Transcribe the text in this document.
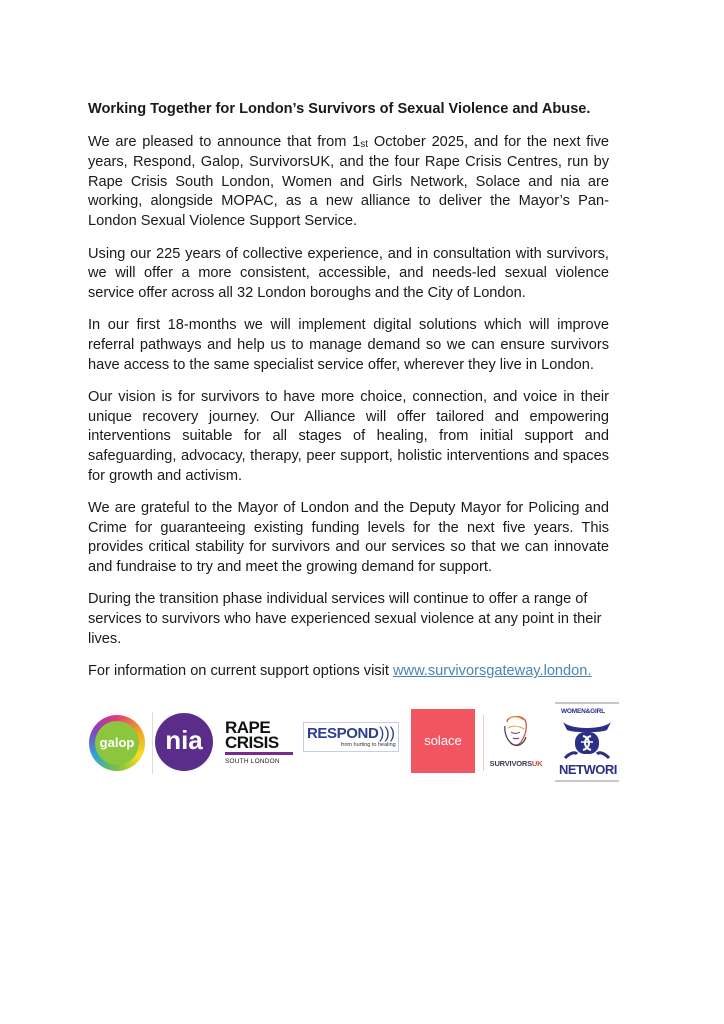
Working Together for London’s Survivors of Sexual Violence and Abuse.

We are pleased to announce that from 1st October 2025, and for the next five years, Respond, Galop, SurvivorsUK, and the four Rape Crisis Centres, run by Rape Crisis South London, Women and Girls Network, Solace and nia are working, alongside MOPAC, as a new alliance to deliver the Mayor’s Pan-London Sexual Violence Support Service.

Using our 225 years of collective experience, and in consultation with survivors, we will offer a more consistent, accessible, and needs-led sexual violence service offer across all 32 London boroughs and the City of London.

In our first 18-months we will implement digital solutions which will improve referral pathways and help us to manage demand so we can ensure survivors have access to the same specialist service offer, wherever they live in London.

Our vision is for survivors to have more choice, connection, and voice in their unique recovery journey. Our Alliance will offer tailored and empowering interventions suitable for all stages of healing, from initial support and safeguarding, advocacy, therapy, peer support, holistic interventions and spaces for growth and activism.

We are grateful to the Mayor of London and the Deputy Mayor for Policing and Crime for guaranteeing existing funding levels for the next five years. This provides critical stability for survivors and our services so that we can innovate and fundraise to try and meet the growing demand for support.

During the transition phase individual services will continue to offer a range of services to survivors who have experienced sexual violence at any point in their lives.

For information on current support options visit www.survivorsgateway.london.

galop	nia	RAPE
CRISIS
SOUTH LONDON
RESPOND )))
from hurting to healing	solace
SURVIVORSUK
WOMEN&GIRL
NETWORI
